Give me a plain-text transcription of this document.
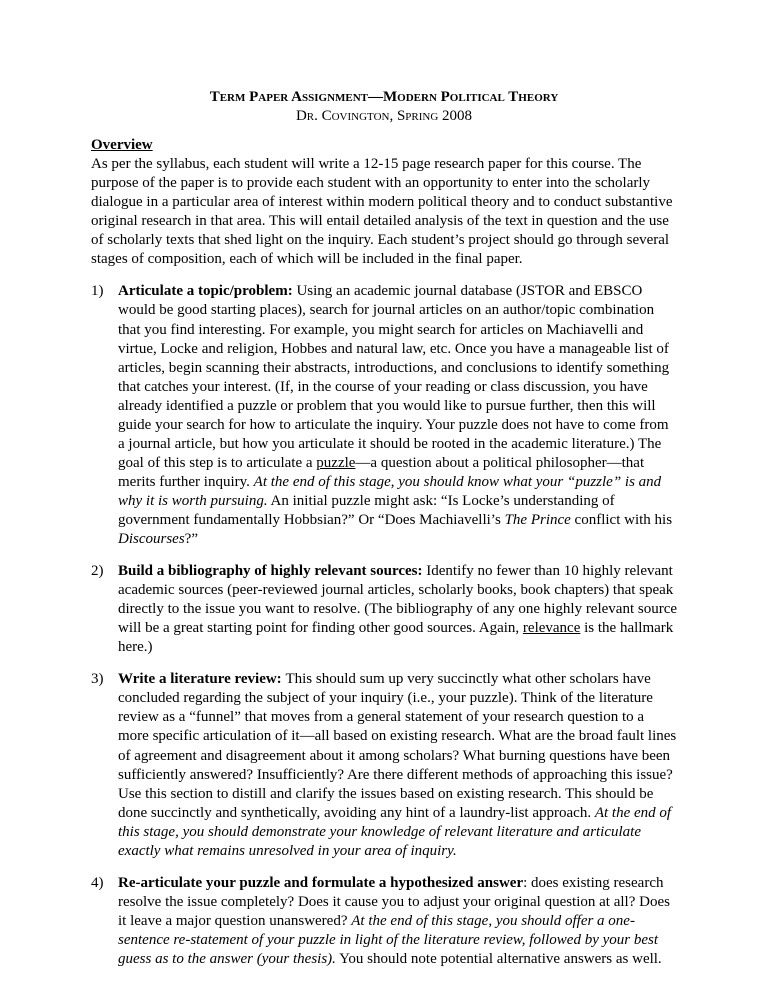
Term Paper Assignment—Modern Political Theory
Dr. Covington, Spring 2008
Overview

As per the syllabus, each student will write a 12-15 page research paper for this course. The purpose of the paper is to provide each student with an opportunity to enter into the scholarly dialogue in a particular area of interest within modern political theory and to conduct substantive original research in that area. This will entail detailed analysis of the text in question and the use of scholarly texts that shed light on the inquiry. Each student’s project should go through several stages of composition, each of which will be included in the final paper.

1) Articulate a topic/problem: Using an academic journal database (JSTOR and EBSCO would be good starting places), search for journal articles on an author/topic combination that you find interesting. For example, you might search for articles on Machiavelli and virtue, Locke and religion, Hobbes and natural law, etc. Once you have a manageable list of articles, begin scanning their abstracts, introductions, and conclusions to identify something that catches your interest. (If, in the course of your reading or class discussion, you have already identified a puzzle or problem that you would like to pursue further, then this will guide your search for how to articulate the inquiry. Your puzzle does not have to come from a journal article, but how you articulate it should be rooted in the academic literature.) The goal of this step is to articulate a puzzle—a question about a political philosopher—that merits further inquiry. At the end of this stage, you should know what your “puzzle” is and why it is worth pursuing. An initial puzzle might ask: “Is Locke’s understanding of government fundamentally Hobbsian?” Or “Does Machiavelli’s The Prince conflict with his Discourses?”
2) Build a bibliography of highly relevant sources: Identify no fewer than 10 highly relevant academic sources (peer-reviewed journal articles, scholarly books, book chapters) that speak directly to the issue you want to resolve. (The bibliography of any one highly relevant source will be a great starting point for finding other good sources. Again, relevance is the hallmark here.)
3) Write a literature review: This should sum up very succinctly what other scholars have concluded regarding the subject of your inquiry (i.e., your puzzle). Think of the literature review as a “funnel” that moves from a general statement of your research question to a more specific articulation of it—all based on existing research. What are the broad fault lines of agreement and disagreement about it among scholars? What burning questions have been sufficiently answered? Insufficiently? Are there different methods of approaching this issue? Use this section to distill and clarify the issues based on existing research. This should be done succinctly and synthetically, avoiding any hint of a laundry-list approach. At the end of this stage, you should demonstrate your knowledge of relevant literature and articulate exactly what remains unresolved in your area of inquiry.
4) Re-articulate your puzzle and formulate a hypothesized answer: does existing research resolve the issue completely? Does it cause you to adjust your original question at all? Does it leave a major question unanswered? At the end of this stage, you should offer a one-sentence re-statement of your puzzle in light of the literature review, followed by your best guess as to the answer (your thesis). You should note potential alternative answers as well.
